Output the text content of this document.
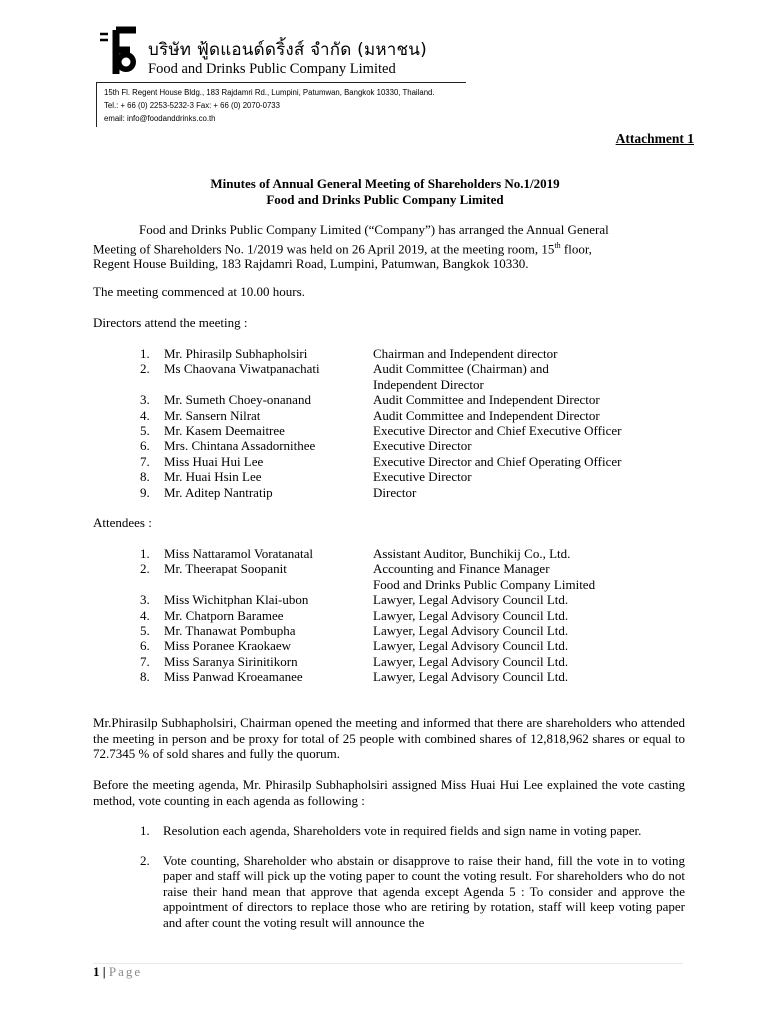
บริษัท ฟู้ดแอนด์ดริ้งส์ จำกัด (มหาชน)
Food and Drinks Public Company Limited
15th Fl. Regent House Bldg., 183 Rajdamri Rd., Lumpini, Patumwan, Bangkok 10330, Thailand.
Tel.: + 66 (0) 2253-5232-3 Fax: + 66 (0) 2070-0733
email: info@foodanddrinks.co.th
Attachment 1
Minutes of Annual General Meeting of Shareholders No.1/2019
Food and Drinks Public Company Limited
Food and Drinks Public Company Limited (“Company”) has arranged the Annual General
Meeting of Shareholders No. 1/2019 was held on 26 April 2019, at the meeting room, 15th floor,
Regent House Building, 183 Rajdamri Road, Lumpini, Patumwan, Bangkok 10330.
The meeting commenced at 10.00 hours.
Directors attend the meeting :
1. Mr. Phirasilp Subhapholsiri	Chairman and Independent director
2. Ms Chaovana Viwatpanachati	Audit Committee (Chairman) and
Independent Director
3. Mr. Sumeth Choey-onanand	Audit Committee and Independent Director
4. Mr. Sansern Nilrat	Audit Committee and Independent Director
5. Mr. Kasem Deemaitree	Executive Director and Chief Executive Officer
6. Mrs. Chintana Assadornithee	Executive Director
7. Miss Huai Hui Lee	Executive Director and Chief Operating Officer
8. Mr. Huai Hsin Lee	Executive Director
9. Mr. Aditep Nantratip	Director
Attendees :
1. Miss Nattaramol Voratanatal	Assistant Auditor, Bunchikij Co., Ltd.
2. Mr. Theerapat Soopanit	Accounting and Finance Manager
Food and Drinks Public Company Limited
3. Miss Wichitphan Klai-ubon	Lawyer, Legal Advisory Council Ltd.
4. Mr. Chatporn Baramee	Lawyer, Legal Advisory Council Ltd.
5. Mr. Thanawat Pombupha	Lawyer, Legal Advisory Council Ltd.
6. Miss Poranee Kraokaew	Lawyer, Legal Advisory Council Ltd.
7. Miss Saranya Sirinitikorn	Lawyer, Legal Advisory Council Ltd.
8. Miss Panwad Kroeamanee	Lawyer, Legal Advisory Council Ltd.
Mr.Phirasilp Subhapholsiri, Chairman opened the meeting and informed that there are shareholders who attended the meeting in person and be proxy for total of 25 people with combined shares of 12,818,962 shares or equal to 72.7345 % of sold shares and fully the quorum.
Before the meeting agenda, Mr. Phirasilp Subhapholsiri assigned Miss Huai Hui Lee explained the vote casting method, vote counting in each agenda as following :
1. Resolution each agenda, Shareholders vote in required fields and sign name in voting paper.
2. Vote counting, Shareholder who abstain or disapprove to raise their hand, fill the vote in to voting paper and staff will pick up the voting paper to count the voting result. For shareholders who do not raise their hand mean that approve that agenda except Agenda 5 : To consider and approve the appointment of directors to replace those who are retiring by rotation, staff will keep voting paper and after count the voting result will announce the
1 | Page
